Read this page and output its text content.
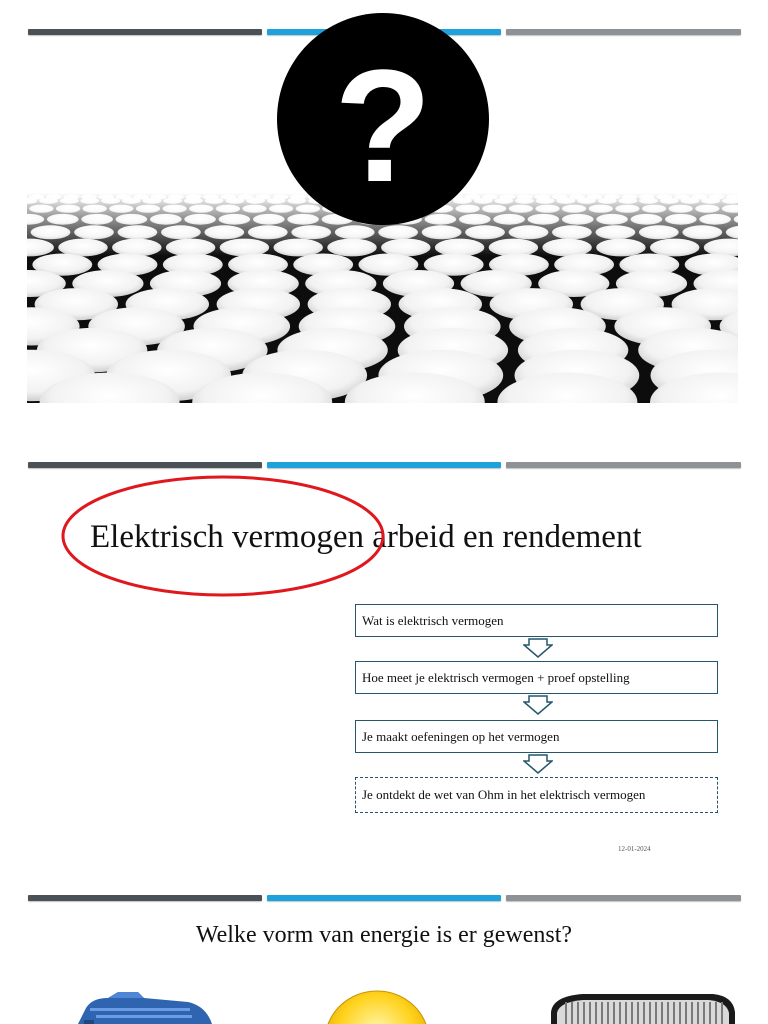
?
Elektrisch vermogen arbeid en rendement
Wat is elektrisch vermogen
Hoe meet je elektrisch vermogen + proef opstelling
Je maakt oefeningen op het vermogen
Je ontdekt de wet van Ohm in het elektrisch vermogen
12-01-2024
Welke vorm van energie is er gewenst?
